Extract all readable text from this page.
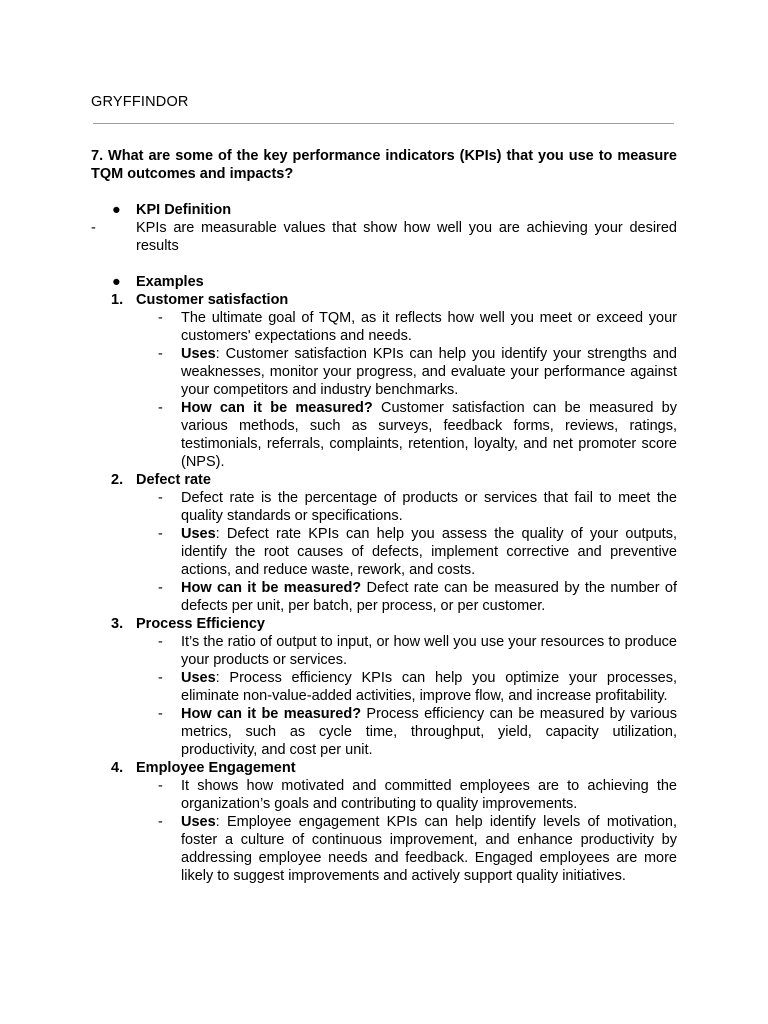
GRYFFINDOR

7. What are some of the key performance indicators (KPIs) that you use to measure TQM outcomes and impacts?

● KPI Definition
-	KPIs are measurable values that show how well you are achieving your desired results
● Examples
1. Customer satisfaction
- The ultimate goal of TQM, as it reflects how well you meet or exceed your customers' expectations and needs.
- Uses: Customer satisfaction KPIs can help you identify your strengths and weaknesses, monitor your progress, and evaluate your performance against your competitors and industry benchmarks.
- How can it be measured? Customer satisfaction can be measured by various methods, such as surveys, feedback forms, reviews, ratings, testimonials, referrals, complaints, retention, loyalty, and net promoter score (NPS).
2. Defect rate
- Defect rate is the percentage of products or services that fail to meet the quality standards or specifications.
- Uses: Defect rate KPIs can help you assess the quality of your outputs, identify the root causes of defects, implement corrective and preventive actions, and reduce waste, rework, and costs.
- How can it be measured? Defect rate can be measured by the number of defects per unit, per batch, per process, or per customer.
3. Process Efficiency
- It’s the ratio of output to input, or how well you use your resources to produce your products or services.
- Uses: Process efficiency KPIs can help you optimize your processes, eliminate non-value-added activities, improve flow, and increase profitability.
- How can it be measured? Process efficiency can be measured by various metrics, such as cycle time, throughput, yield, capacity utilization, productivity, and cost per unit.
4. Employee Engagement
- It shows how motivated and committed employees are to achieving the organization’s goals and contributing to quality improvements.
- Uses: Employee engagement KPIs can help identify levels of motivation, foster a culture of continuous improvement, and enhance productivity by addressing employee needs and feedback. Engaged employees are more likely to suggest improvements and actively support quality initiatives.
